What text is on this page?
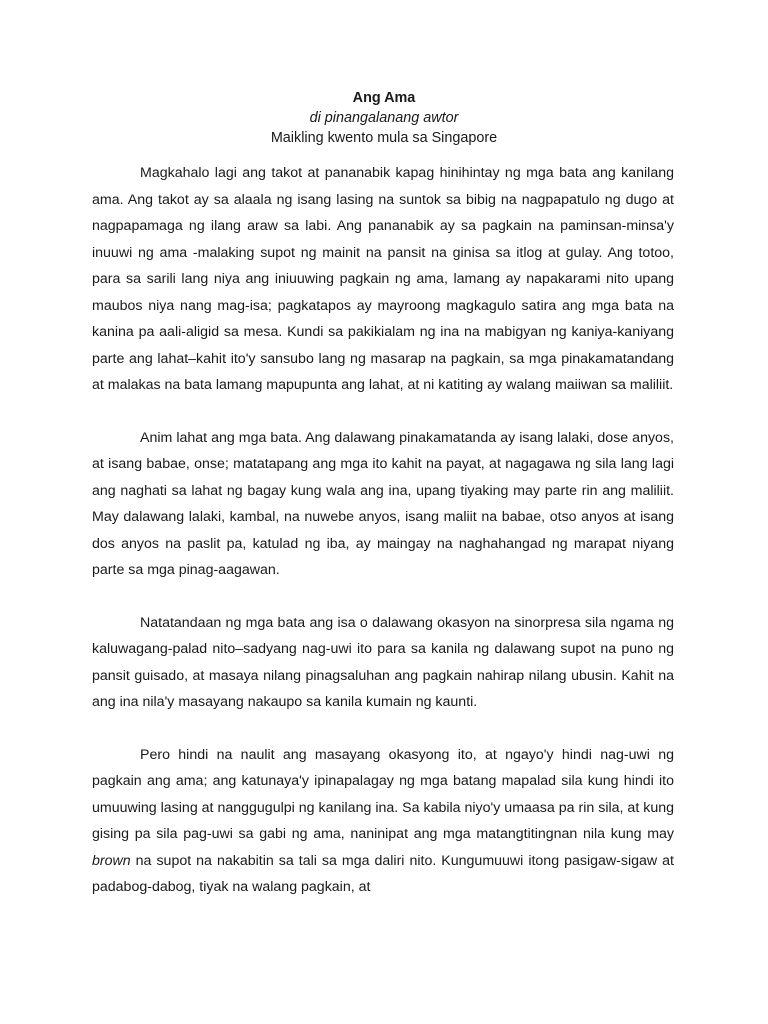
Ang Ama
di pinangalanang awtor
Maikling kwento mula sa Singapore

Magkahalo lagi ang takot at pananabik kapag hinihintay ng mga bata ang kanilang ama. Ang takot ay sa alaala ng isang lasing na suntok sa bibig na nagpapatulo ng dugo at nagpapamaga ng ilang araw sa labi. Ang pananabik ay sa pagkain na paminsan-minsa'y inuuwi ng ama -malaking supot ng mainit na pansit na ginisa sa itlog at gulay. Ang totoo, para sa sarili lang niya ang iniuuwing pagkain ng ama, lamang ay napakarami nito upang maubos niya nang mag-isa; pagkatapos ay mayroong magkagulo satira ang mga bata na kanina pa aali-aligid sa mesa. Kundi sa pakikialam ng ina na mabigyan ng kaniya-kaniyang parte ang lahat–kahit ito'y sansubo lang ng masarap na pagkain, sa mga pinakamatandang at malakas na bata lamang mapupunta ang lahat, at ni katiting ay walang maiiwan sa maliliit.

Anim lahat ang mga bata. Ang dalawang pinakamatanda ay isang lalaki, dose anyos, at isang babae, onse; matatapang ang mga ito kahit na payat, at nagagawa ng sila lang lagi ang naghati sa lahat ng bagay kung wala ang ina, upang tiyaking may parte rin ang maliliit. May dalawang lalaki, kambal, na nuwebe anyos, isang maliit na babae, otso anyos at isang dos anyos na paslit pa, katulad ng iba, ay maingay na naghahangad ng marapat niyang parte sa mga pinag-aagawan.

Natatandaan ng mga bata ang isa o dalawang okasyon na sinorpresa sila ngama ng kaluwagang-palad nito–sadyang nag-uwi ito para sa kanila ng dalawang supot na puno ng pansit guisado, at masaya nilang pinagsaluhan ang pagkain nahirap nilang ubusin. Kahit na ang ina nila'y masayang nakaupo sa kanila kumain ng kaunti.

Pero hindi na naulit ang masayang okasyong ito, at ngayo'y hindi nag-uwi ng pagkain ang ama; ang katunaya'y ipinapalagay ng mga batang mapalad sila kung hindi ito umuuwing lasing at nanggugulpi ng kanilang ina. Sa kabila niyo'y umaasa pa rin sila, at kung gising pa sila pag-uwi sa gabi ng ama, naninipat ang mga matangtitingnan nila kung may brown na supot na nakabitin sa tali sa mga daliri nito. Kungumuuwi itong pasigaw-sigaw at padabog-dabog, tiyak na walang pagkain, at
